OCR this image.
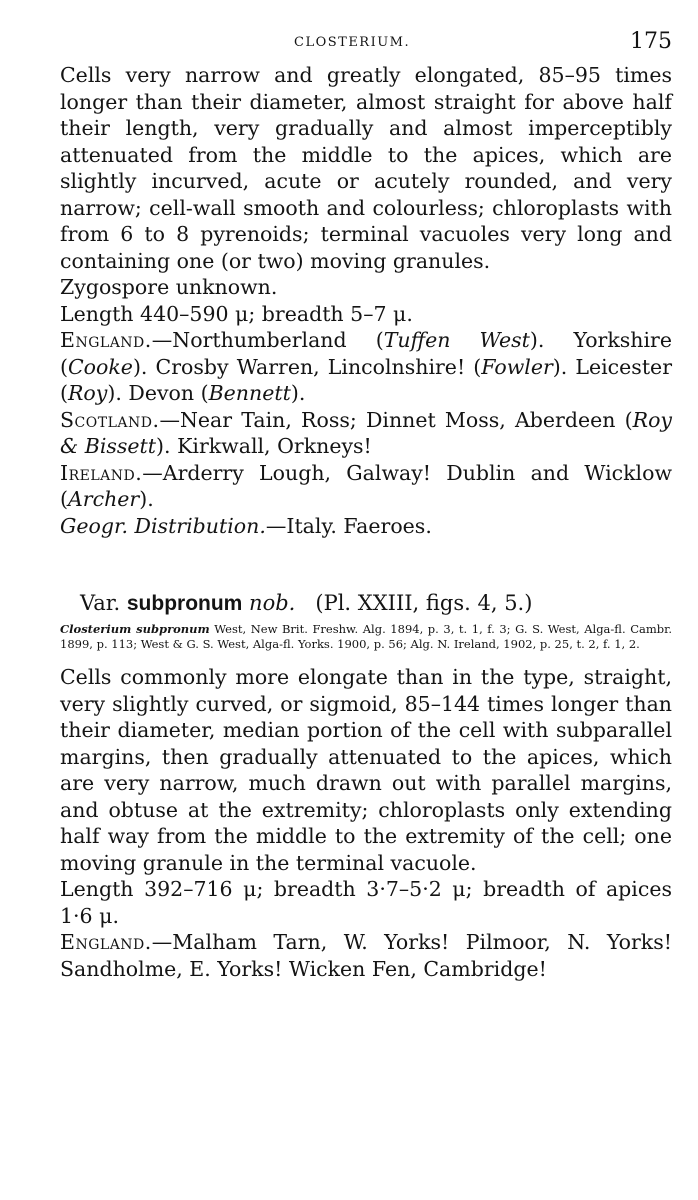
CLOSTERIUM.	175

Cells very narrow and greatly elongated, 85–95 times longer than their diameter, almost straight for above half their length, very gradually and almost imperceptibly attenuated from the middle to the apices, which are slightly incurved, acute or acutely rounded, and very narrow; cell-wall smooth and colourless; chloroplasts with from 6 to 8 pyrenoids; terminal vacuoles very long and containing one (or two) moving granules.

Zygospore unknown.

Length 440–590 μ; breadth 5–7 μ.

England.—Northumberland (Tuffen West). Yorkshire (Cooke). Crosby Warren, Lincolnshire! (Fowler). Leicester (Roy). Devon (Bennett).

Scotland.—Near Tain, Ross; Dinnet Moss, Aberdeen (Roy & Bissett). Kirkwall, Orkneys!

Ireland.—Arderry Lough, Galway! Dublin and Wicklow (Archer).

Geogr. Distribution.—Italy. Faeroes.

Var. subpronum nob. (Pl. XXIII, figs. 4, 5.)

Closterium subpronum West, New Brit. Freshw. Alg. 1894, p. 3, t. 1, f. 3; G. S. West, Alga-fl. Cambr. 1899, p. 113; West & G. S. West, Alga-fl. Yorks. 1900, p. 56; Alg. N. Ireland, 1902, p. 25, t. 2, f. 1, 2.

Cells commonly more elongate than in the type, straight, very slightly curved, or sigmoid, 85–144 times longer than their diameter, median portion of the cell with subparallel margins, then gradually attenuated to the apices, which are very narrow, much drawn out with parallel margins, and obtuse at the extremity; chloroplasts only extending half way from the middle to the extremity of the cell; one moving granule in the terminal vacuole.

Length 392–716 μ; breadth 3·7–5·2 μ; breadth of apices 1·6 μ.

England.—Malham Tarn, W. Yorks! Pilmoor, N. Yorks! Sandholme, E. Yorks! Wicken Fen, Cambridge!
